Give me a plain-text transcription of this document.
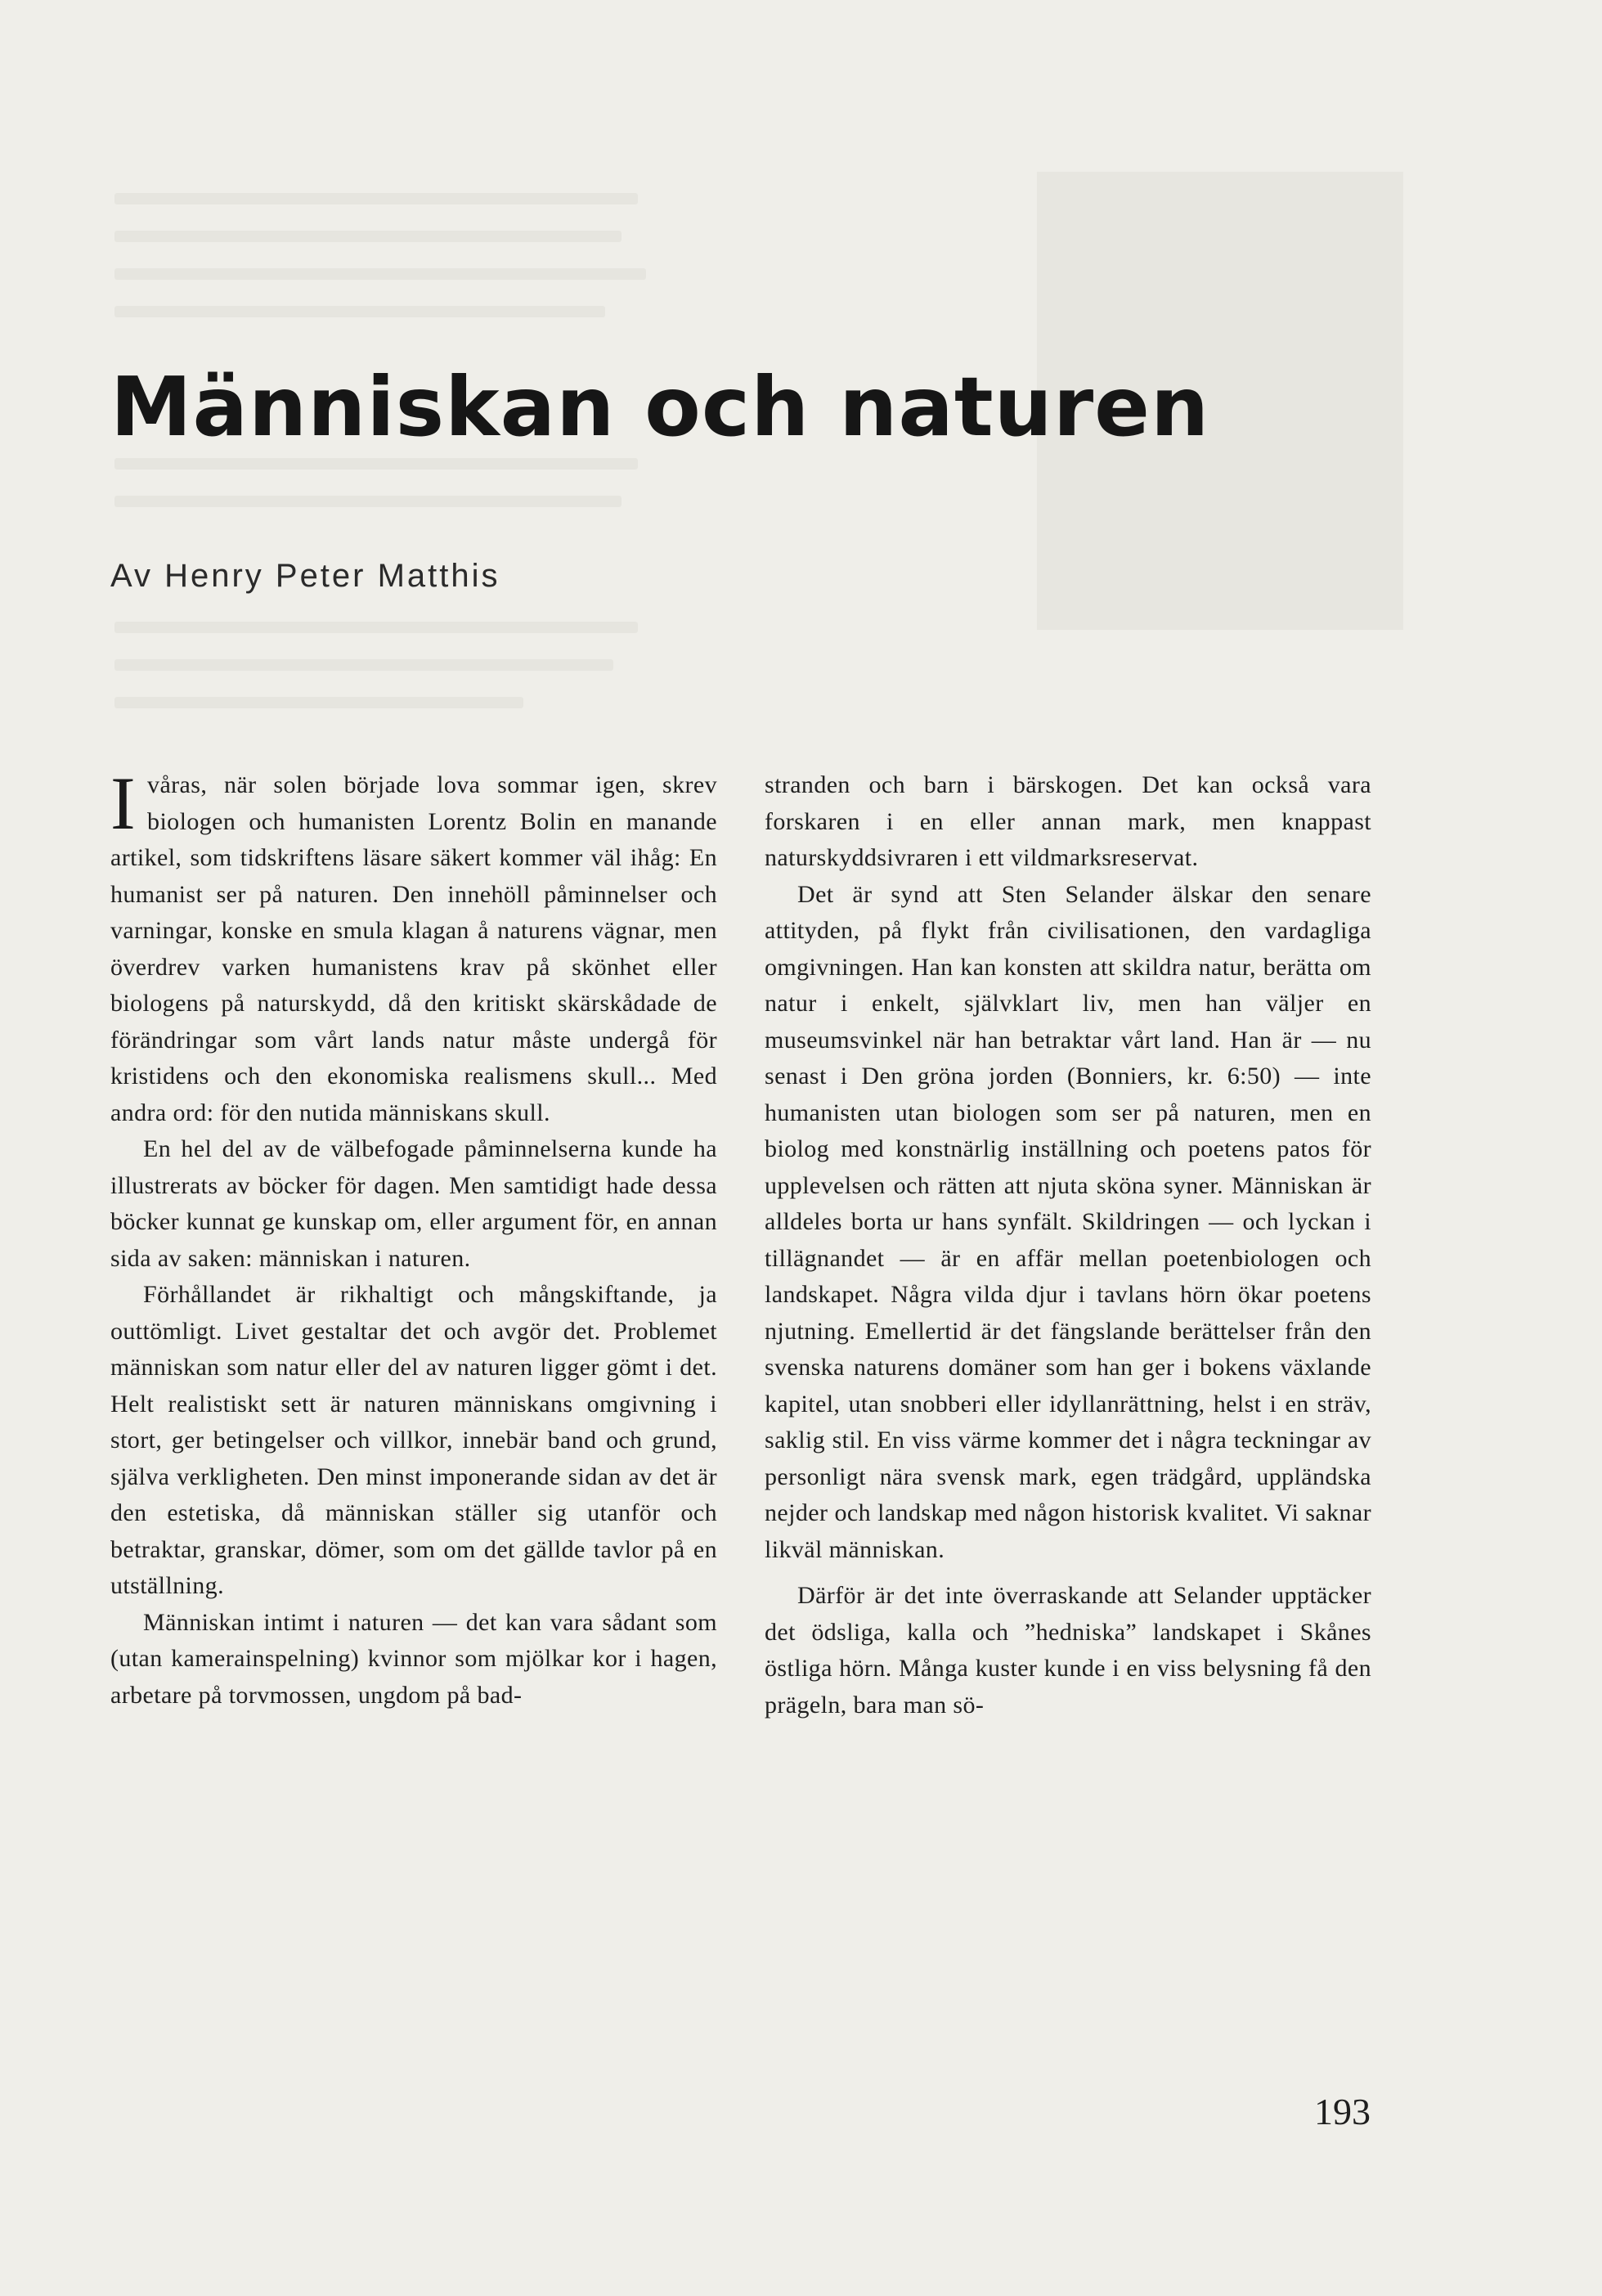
Människan och naturen

Av Henry Peter Matthis

Ivåras, när solen började lova sommar igen, skrev biologen och humanisten Lorentz Bolin en manande artikel, som tidskriftens läsare säkert kommer väl ihåg: En humanist ser på naturen. Den innehöll påminnelser och varningar, konske en smula klagan å naturens vägnar, men överdrev varken humanistens krav på skönhet eller biologens på naturskydd, då den kritiskt skärskådade de förändringar som vårt lands natur måste undergå för kristidens och den ekonomiska realismens skull... Med andra ord: för den nutida människans skull.

En hel del av de välbefogade påminnelserna kunde ha illustrerats av böcker för dagen. Men samtidigt hade dessa böcker kunnat ge kunskap om, eller argument för, en annan sida av saken: människan i naturen.

Förhållandet är rikhaltigt och mångskiftande, ja outtömligt. Livet gestaltar det och avgör det. Problemet människan som natur eller del av naturen ligger gömt i det. Helt realistiskt sett är naturen människans omgivning i stort, ger betingelser och villkor, innebär band och grund, själva verkligheten. Den minst imponerande sidan av det är den estetiska, då människan ställer sig utanför och betraktar, granskar, dömer, som om det gällde tavlor på en utställning.

Människan intimt i naturen — det kan vara sådant som (utan kamerainspelning) kvinnor som mjölkar kor i hagen, arbetare på torvmossen, ungdom på bad-

stranden och barn i bärskogen. Det kan också vara forskaren i en eller annan mark, men knappast naturskyddsivraren i ett vildmarksreservat.

Det är synd att Sten Selander älskar den senare attityden, på flykt från civilisationen, den vardagliga omgivningen. Han kan konsten att skildra natur, berätta om natur i enkelt, självklart liv, men han väljer en museumsvinkel när han betraktar vårt land. Han är — nu senast i Den gröna jorden (Bonniers, kr. 6:50) — inte humanisten utan biologen som ser på naturen, men en biolog med konstnärlig inställning och poetens patos för upplevelsen och rätten att njuta sköna syner. Människan är alldeles borta ur hans synfält. Skildringen — och lyckan i tillägnandet — är en affär mellan poetenbiologen och landskapet. Några vilda djur i tavlans hörn ökar poetens njutning. Emellertid är det fängslande berättelser från den svenska naturens domäner som han ger i bokens växlande kapitel, utan snobberi eller idyllanrättning, helst i en sträv, saklig stil. En viss värme kommer det i några teckningar av personligt nära svensk mark, egen trädgård, uppländska nejder och landskap med någon historisk kvalitet. Vi saknar likväl människan.

Därför är det inte överraskande att Selander upptäcker det ödsliga, kalla och ”hedniska” landskapet i Skånes östliga hörn. Många kuster kunde i en viss belysning få den prägeln, bara man sö-

193
